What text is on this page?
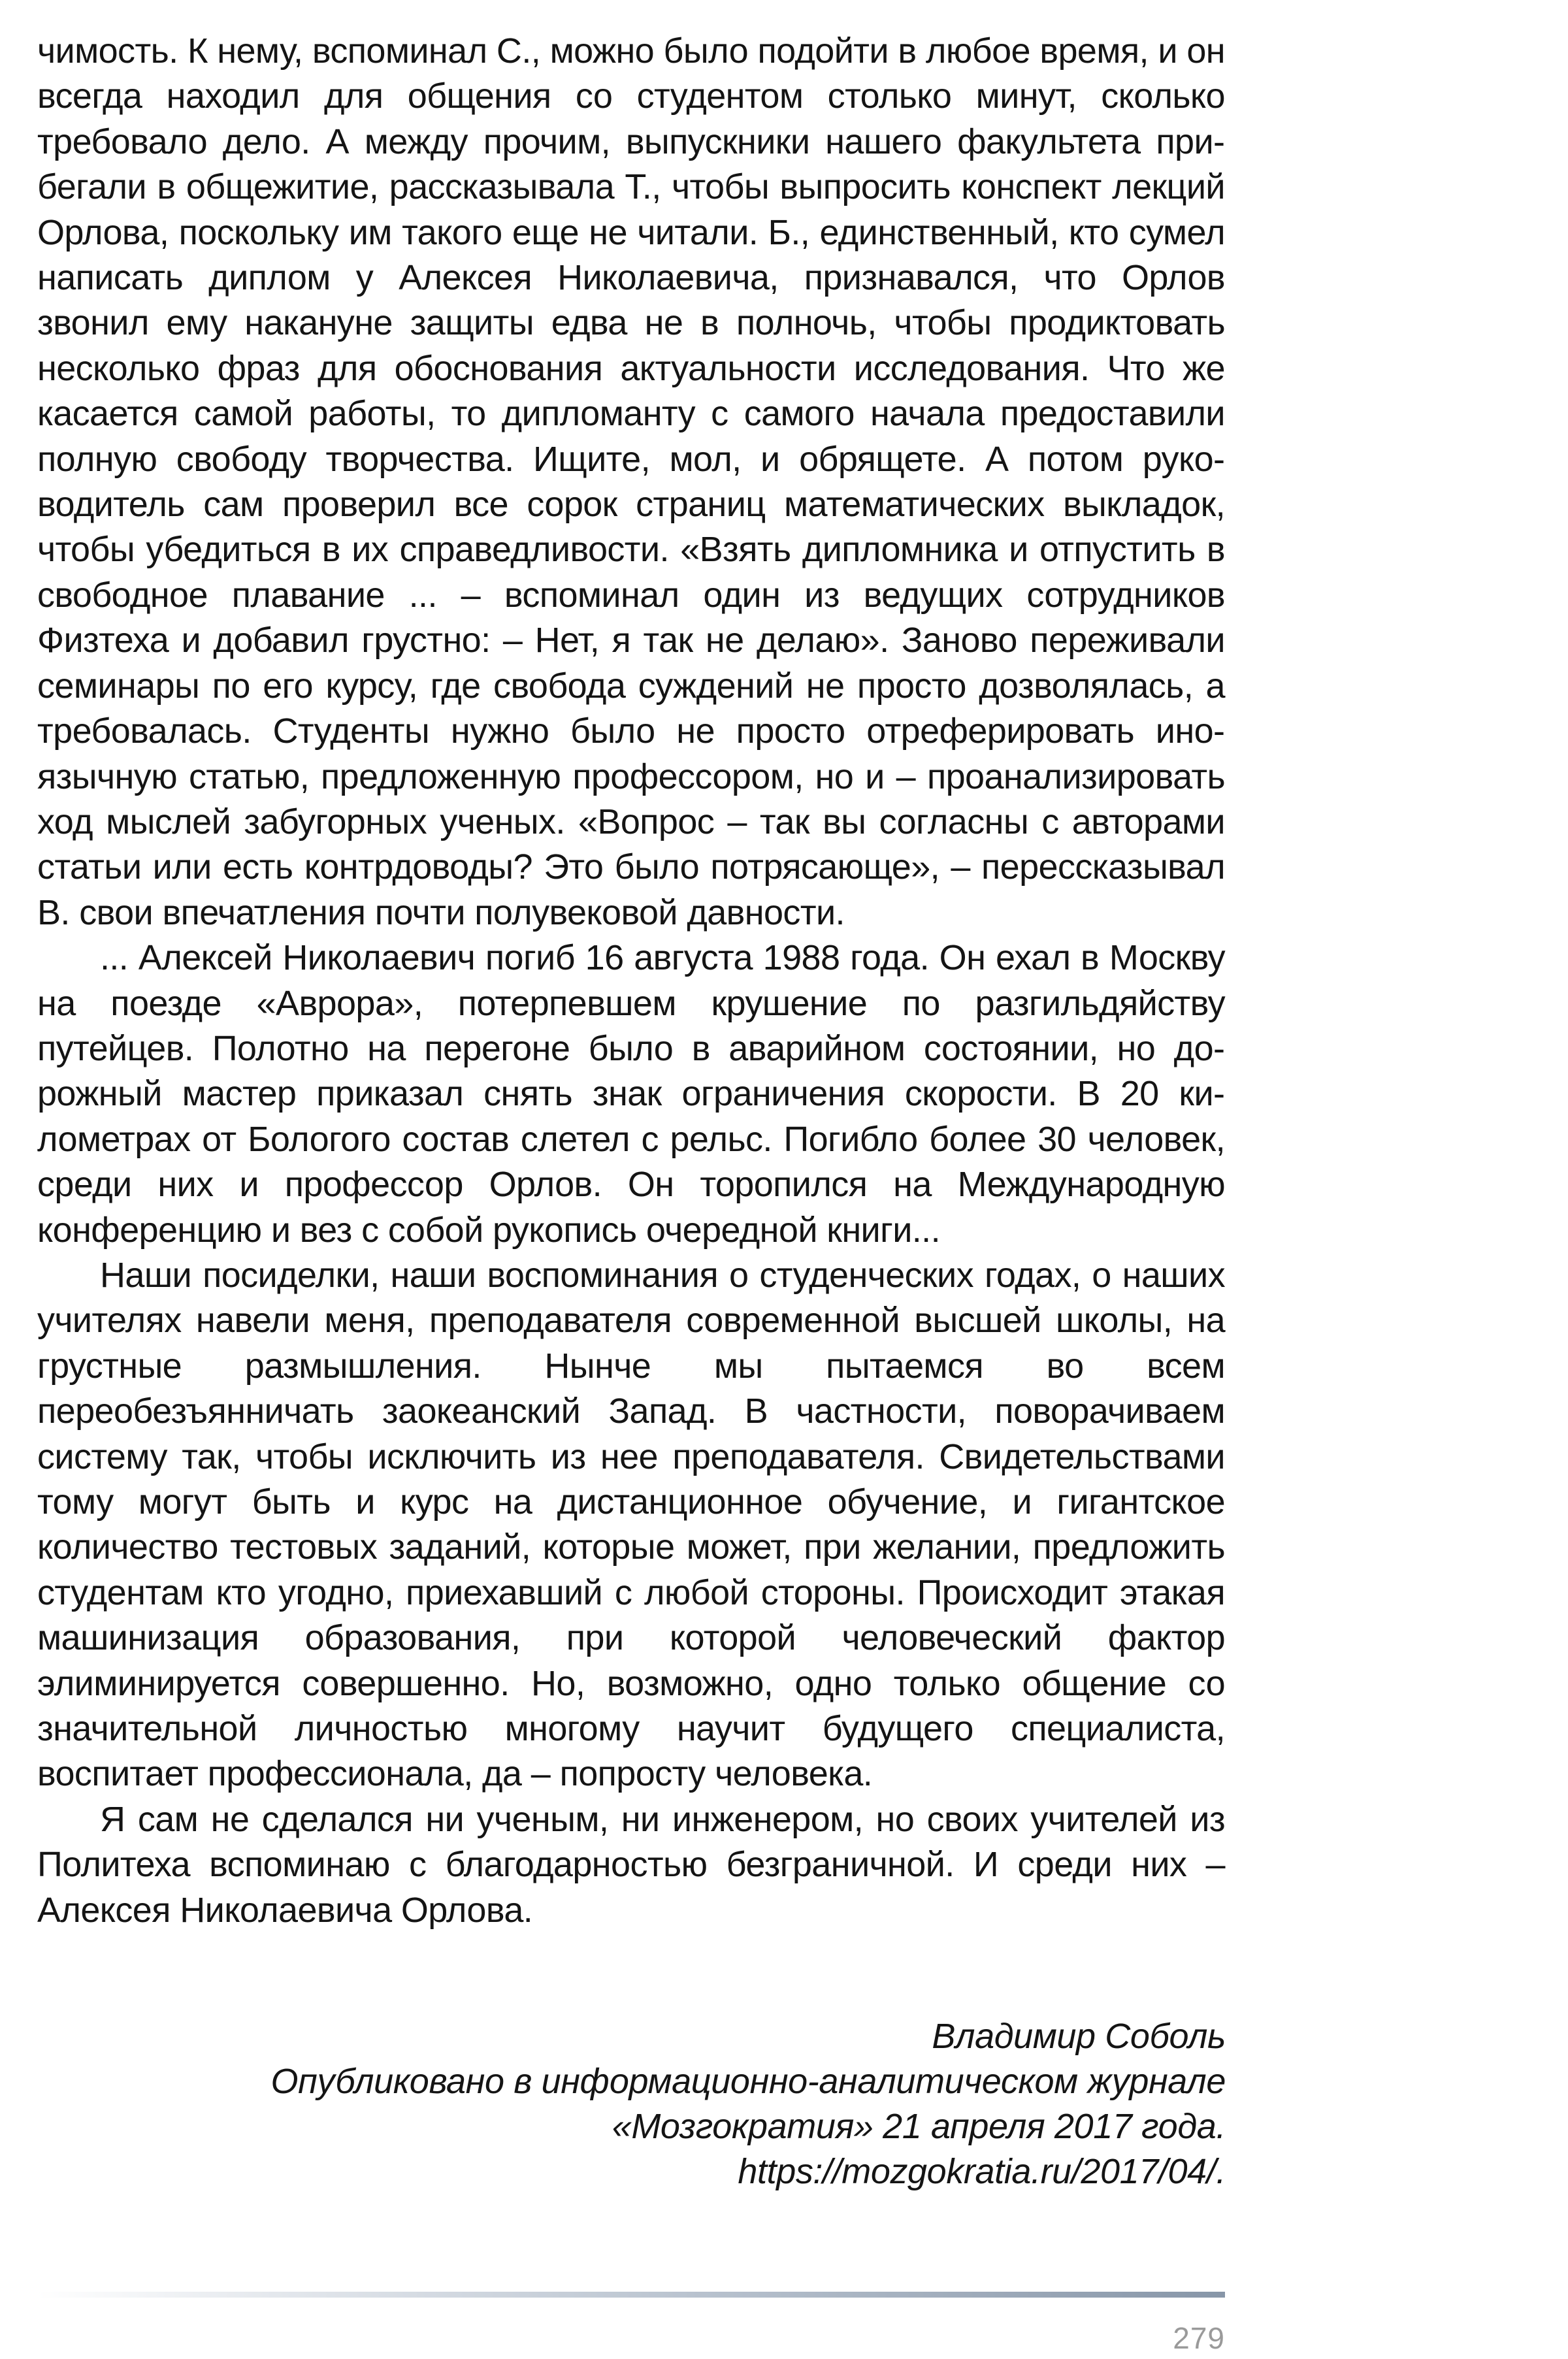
чимость. К нему, вспоминал С., можно было подойти в любое время, и он всегда находил для общения со студентом столько минут, сколько требовало дело. А между прочим, выпускники нашего факультета прибегали в общежитие, рассказывала Т., чтобы выпросить конспект лекций Орлова, поскольку им такого еще не читали. Б., единственный, кто сумел написать диплом у Алексея Николаевича, признавался, что Орлов звонил ему накануне защиты едва не в полночь, чтобы продиктовать несколько фраз для обоснования актуальности исследования. Что же касается самой работы, то дипломанту с самого начала предоставили полную свободу творчества. Ищите, мол, и обрящете. А потом руководитель сам проверил все сорок страниц математических выкладок, чтобы убедиться в их справедливости. «Взять дипломника и отпустить в свободное плавание ... – вспоминал один из ведущих сотрудников Физтеха и добавил грустно: – Нет, я так не делаю». Заново переживали семинары по его курсу, где свобода суждений не просто дозволялась, а требовалась. Студенты нужно было не просто отреферировать иноязычную статью, предложенную профессором, но и – проанализировать ход мыслей забугорных ученых. «Вопрос – так вы согласны с авторами статьи или есть контрдоводы? Это было потрясающе», – перессказывал В. свои впечатления почти полувековой давности.

... Алексей Николаевич погиб 16 августа 1988 года. Он ехал в Москву на поезде «Аврора», потерпевшем крушение по разгильдяйству путейцев. Полотно на перегоне было в аварийном состоянии, но дорожный мастер приказал снять знак ограничения скорости. В 20 километрах от Бологого состав слетел с рельс. Погибло более 30 человек, среди них и профессор Орлов. Он торопился на Международную конференцию и вез с собой рукопись очередной книги...

Наши посиделки, наши воспоминания о студенческих годах, о наших учителях навели меня, преподавателя современной высшей школы, на грустные размышления. Нынче мы пытаемся во всем переобезъянничать заокеанский Запад. В частности, поворачиваем систему так, чтобы исключить из нее преподавателя. Свидетельствами тому могут быть и курс на дистанционное обучение, и гигантское количество тестовых заданий, которые может, при желании, предложить студентам кто угодно, приехавший с любой стороны. Происходит этакая машинизация образования, при которой человеческий фактор элиминируется совершенно. Но, возможно, одно только общение со значительной личностью многому научит будущего специалиста, воспитает профессионала, да – попросту человека.

Я сам не сделался ни ученым, ни инженером, но своих учителей из Политеха вспоминаю с благодарностью безграничной. И среди них – Алексея Николаевича Орлова.

Владимир Соболь
Опубликовано в информационно-аналитическом журнале
«Мозгократия» 21 апреля 2017 года.
https://mozgokratia.ru/2017/04/.
279
